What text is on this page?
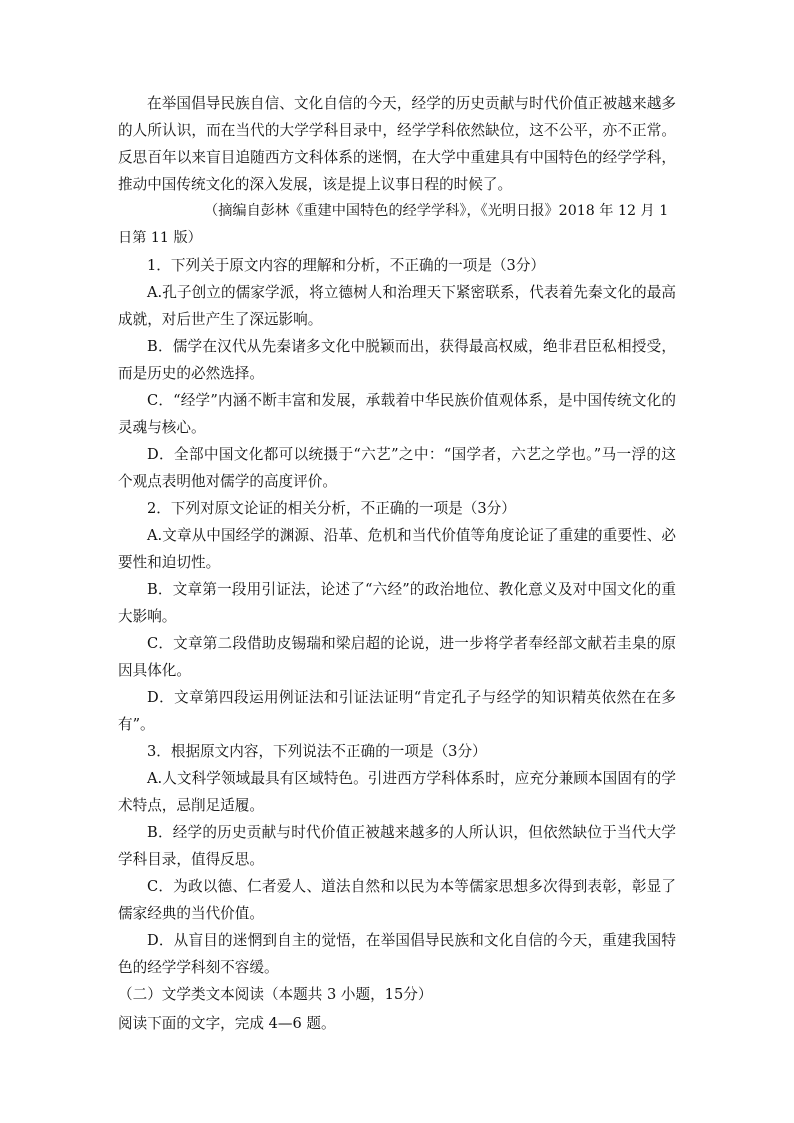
在举国倡导民族自信、文化自信的今天，经学的历史贡献与时代价值正被越来越多的人所认识，而在当代的大学学科目录中，经学学科依然缺位，这不公平，亦不正常。反思百年以来盲目追随西方文科体系的迷惘，在大学中重建具有中国特色的经学学科，推动中国传统文化的深入发展，该是提上议事日程的时候了。

（摘编自彭林《重建中国特色的经学学科》，《光明日报》2018 年 12 月 1 日第 11 版）

1．下列关于原文内容的理解和分析，不正确的一项是（3分）

A.孔子创立的儒家学派，将立德树人和治理天下紧密联系，代表着先秦文化的最高成就，对后世产生了深远影响。

B．儒学在汉代从先秦诸多文化中脱颖而出，获得最高权威，绝非君臣私相授受，而是历史的必然选择。

C．“经学”内涵不断丰富和发展，承载着中华民族价值观体系，是中国传统文化的灵魂与核心。

D．全部中国文化都可以统摄于“六艺”之中：“国学者，六艺之学也。”马一浮的这个观点表明他对儒学的高度评价。

2．下列对原文论证的相关分析，不正确的一项是（3分）

A.文章从中国经学的渊源、沿革、危机和当代价值等角度论证了重建的重要性、必要性和迫切性。

B．文章第一段用引证法，论述了“六经”的政治地位、教化意义及对中国文化的重大影响。

C．文章第二段借助皮锡瑞和梁启超的论说，进一步将学者奉经部文献若圭臬的原因具体化。

D．文章第四段运用例证法和引证法证明“肯定孔子与经学的知识精英依然在在多有”。

3．根据原文内容，下列说法不正确的一项是（3分）

A.人文科学领域最具有区域特色。引进西方学科体系时，应充分兼顾本国固有的学术特点，忌削足适履。

B．经学的历史贡献与时代价值正被越来越多的人所认识，但依然缺位于当代大学学科目录，值得反思。

C．为政以德、仁者爱人、道法自然和以民为本等儒家思想多次得到表彰，彰显了儒家经典的当代价值。

D．从盲目的迷惘到自主的觉悟，在举国倡导民族和文化自信的今天，重建我国特色的经学学科刻不容缓。

（二）文学类文本阅读（本题共 3 小题，15分）

阅读下面的文字，完成 4—6 题。
